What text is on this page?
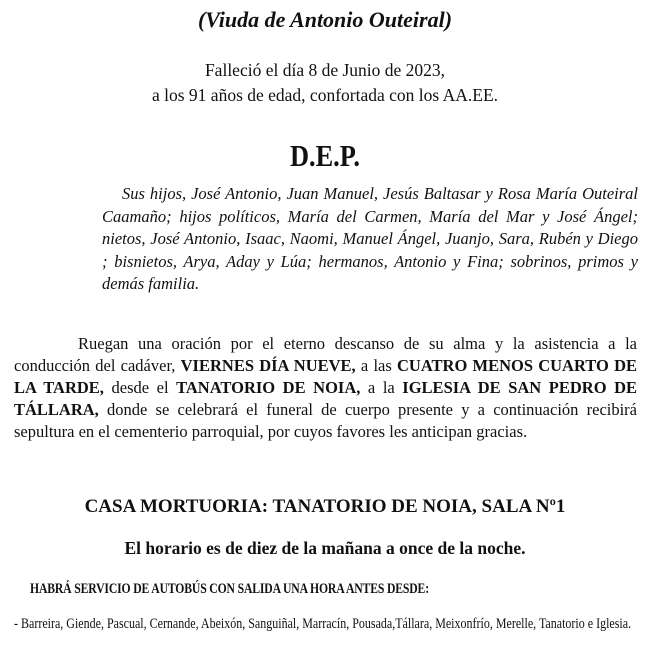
(Viuda de Antonio Outeiral)
Falleció el día 8 de Junio de 2023,
a los 91 años de edad, confortada con los AA.EE.
D.E.P.
Sus hijos, José Antonio, Juan Manuel, Jesús Baltasar y Rosa María Outeiral Caamaño; hijos políticos, María del Carmen, María del Mar y José Ángel; nietos, José Antonio, Isaac, Naomi, Manuel Ángel, Juanjo, Sara, Rubén y Diego ; bisnietos, Arya, Aday y Lúa; hermanos, Antonio y Fina; sobrinos, primos y demás familia.
Ruegan una oración por el eterno descanso de su alma y la asistencia a la conducción del cadáver, VIERNES DÍA NUEVE, a las CUATRO MENOS CUARTO DE LA TARDE, desde el TANATORIO DE NOIA, a la IGLESIA DE SAN PEDRO DE TÁLLARA, donde se celebrará el funeral de cuerpo presente y a continuación recibirá sepultura en el cementerio parroquial, por cuyos favores les anticipan gracias.
CASA MORTUORIA: TANATORIO DE NOIA, SALA Nº1
El horario es de diez de la mañana a once de la noche.
HABRÁ SERVICIO DE AUTOBÚS CON SALIDA UNA HORA ANTES DESDE:
- Barreira, Giende, Pascual, Cernande, Abeixón, Sanguiñal, Marracín, Pousada,Tállara, Meixonfrío, Merelle, Tanatorio e Iglesia.
